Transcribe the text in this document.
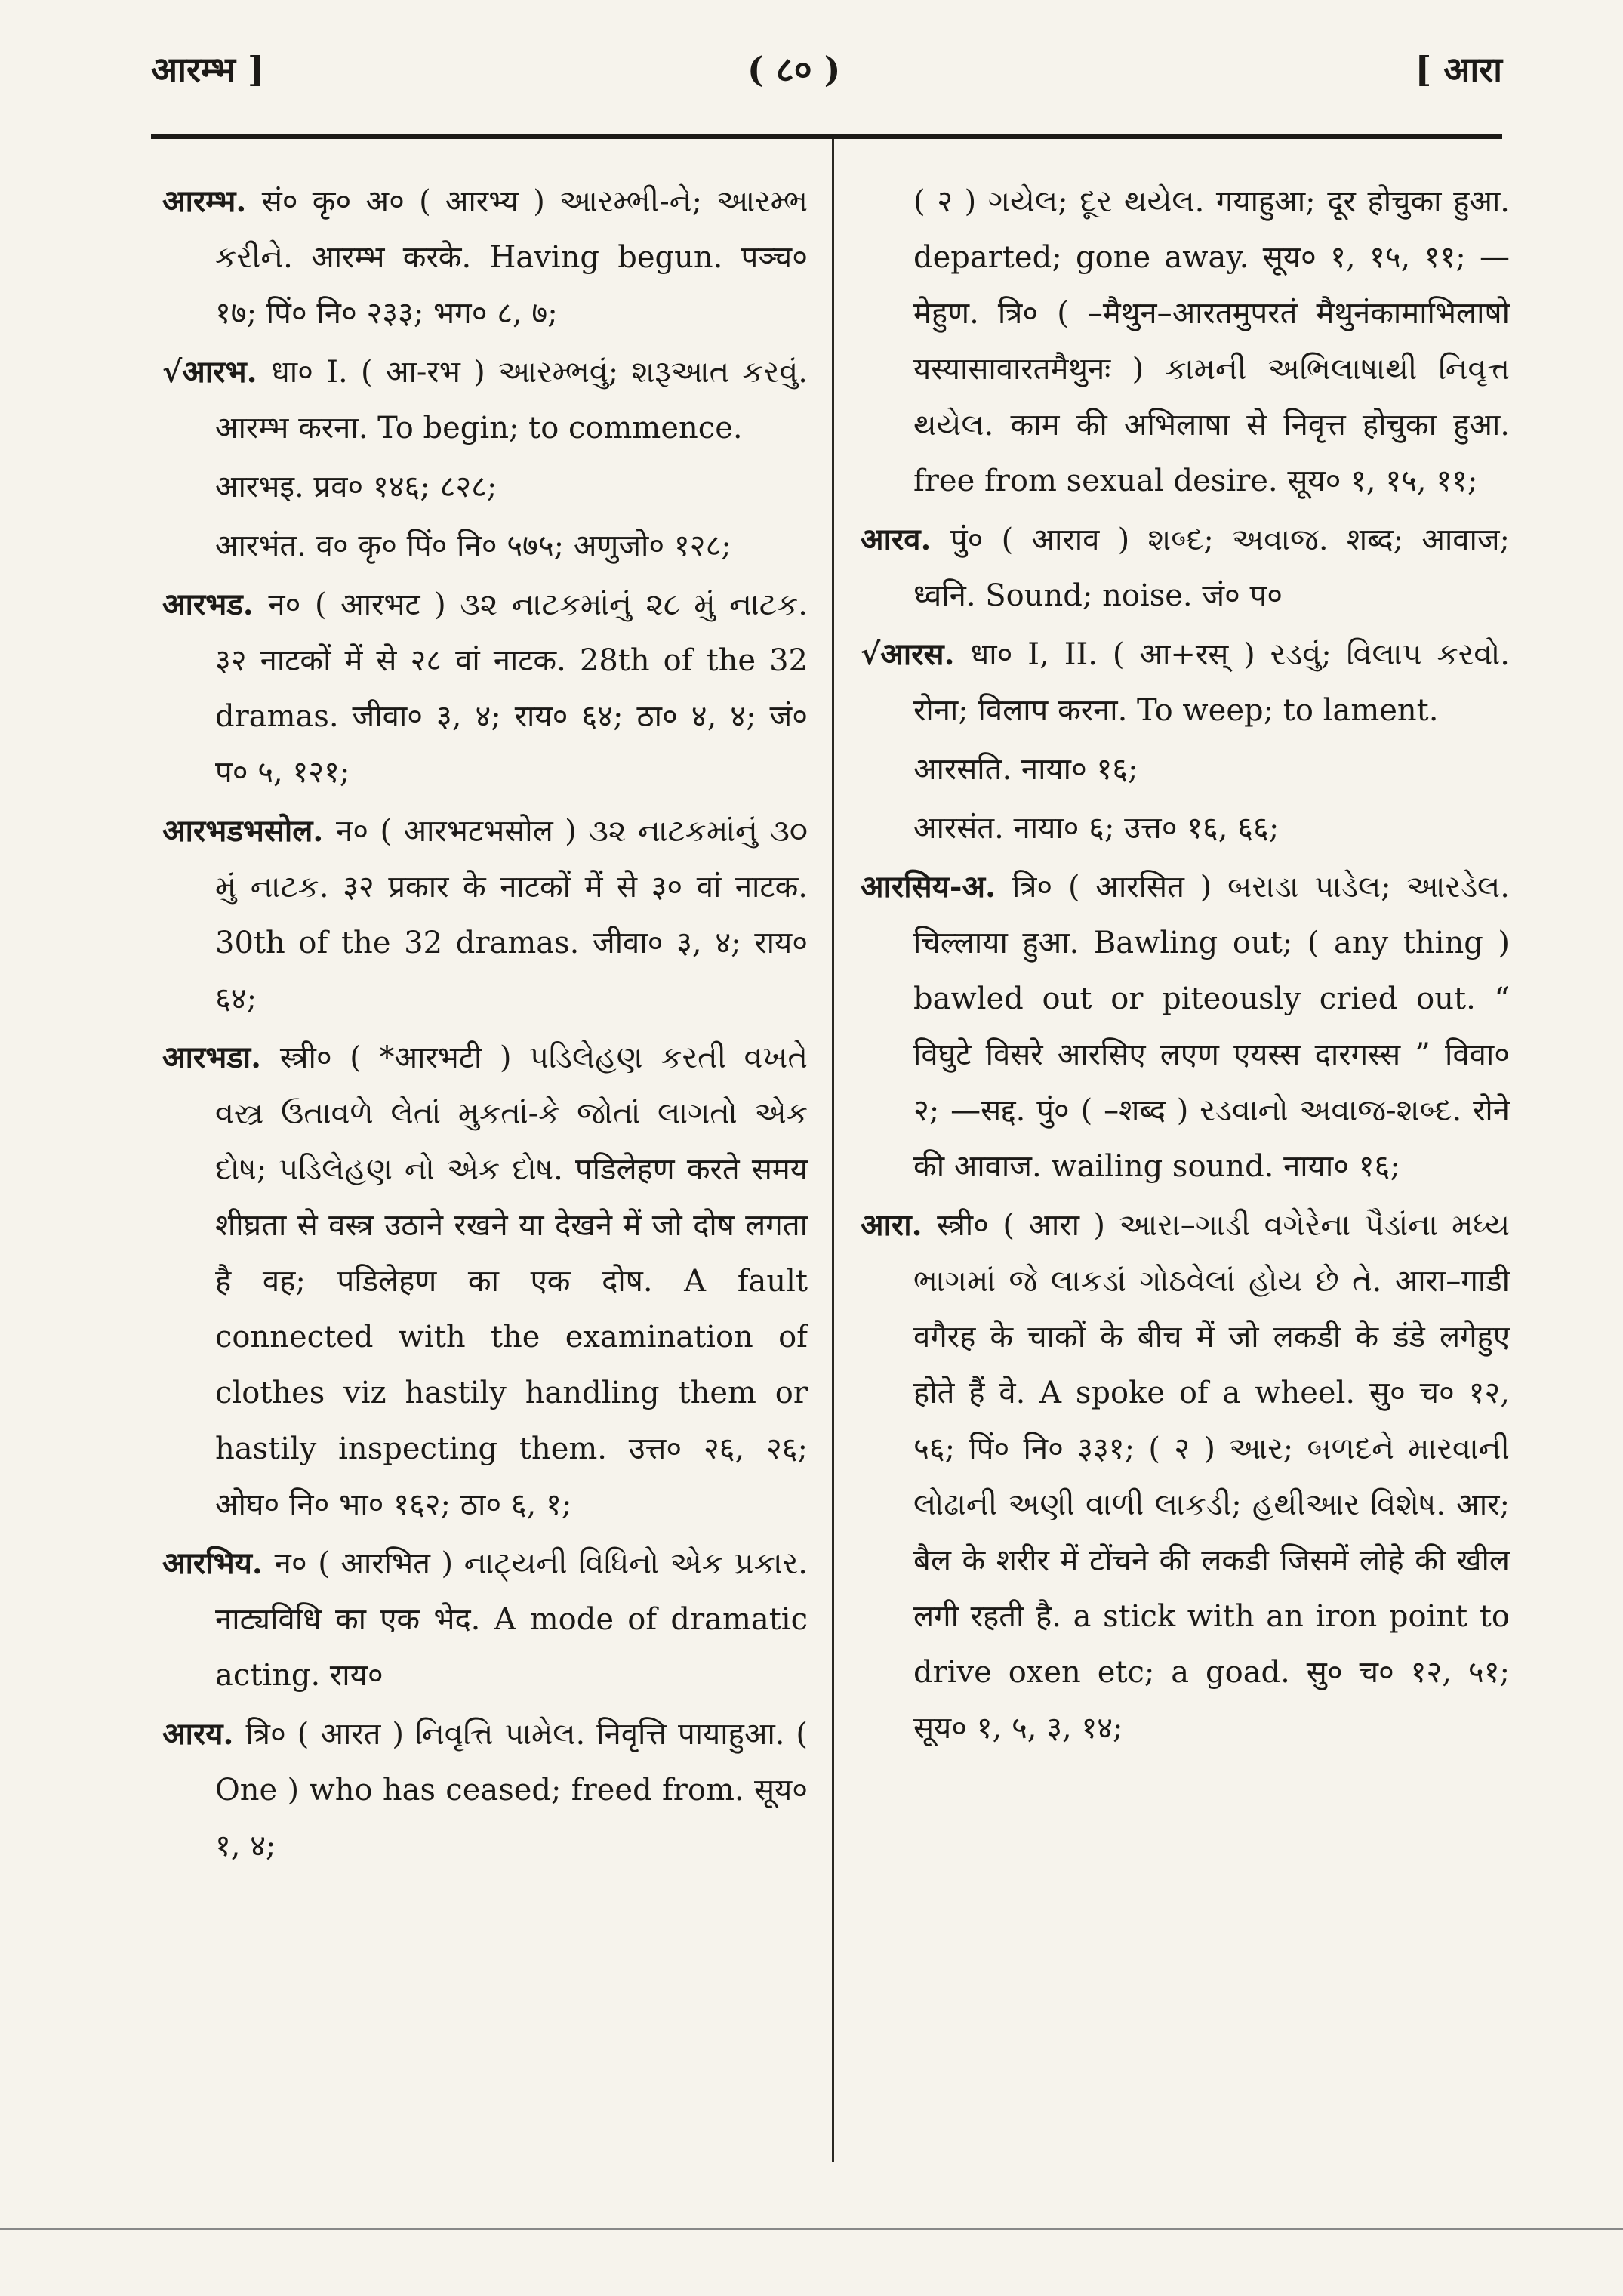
आरम्भ ]	( ८० )	[ आरा

आरम्भ. सं० कृ० अ० ( आरभ्य ) આરમ્ભી-ને; આરમ્ભ કરીને. आरम्भ करके. Having begun. पञ्च० १७; पिं० नि० २३३; भग० ८, ७;

√आरभ. धा० I. ( आ-रभ ) આરમ્ભવું; શરૂઆત કરવું. आरम्भ करना. To begin; to commence.

आरभइ. प्रव० १४६; ८२८;

आरभंत. व० कृ० पिं० नि० ५७५; अणुजो० १२८;

आरभड. न० ( आरभट ) ૩૨ નાટકમાંનું ૨૮ મું નાટક. ३२ नाटकों में से २८ वां नाटक. 28th of the 32 dramas. जीवा० ३, ४; राय० ६४; ठा० ४, ४; जं० प० ५, १२१;

आरभडभसोल. न० ( आरभटभसोल ) ૩૨ નાટકમાંનું ૩૦ મું નાટક. ३२ प्रकार के नाटकों में से ३० वां नाटक. 30th of the 32 dramas. जीवा० ३, ४; राय० ६४;

आरभडा. स्त्री० ( *आरभटी ) પડિલેહણ કરતી વખતે વસ્ત્ર ઉતાવળે લેતાં મુકતાં-કે જોતાં લાગતો એક દોષ; પડિલેહણ નો એક દોષ. पडिलेहण करते समय शीघ्रता से वस्त्र उठाने रखने या देखने में जो दोष लगता है वह; पडिलेहण का एक दोष. A fault connected with the examination of clothes viz hastily handling them or hastily inspecting them. उत्त० २६, २६; ओघ० नि० भा० १६२; ठा० ६, १;

आरभिय. न० ( आरभित ) નાટ્યની વિધિનો એક પ્રકાર. नाट्यविधि का एक भेद. A mode of dramatic acting. राय०

आरय. त्रि० ( आरत ) નિવૃત્તિ પામેલ. निवृत्ति पायाहुआ. ( One ) who has ceased; freed from. सूय० १, ४;

( २ ) ગયેલ; દૂર થયેલ. गयाहुआ; दूर होचुका हुआ. departed; gone away. सूय० १, १५, ११; —मेहुण. त्रि० ( –मैथुन–आरतमुपरतं मैथुनंकामाभिलाषो यस्यासावारतमैथुनः ) કામની અભિલાષાથી નિવૃત્ત થયેલ. काम की अभिलाषा से निवृत्त होचुका हुआ. free from sexual desire. सूय० १, १५, ११;

आरव. पुं० ( आराव ) શબ્દ; અવાજ. शब्द; आवाज; ध्वनि. Sound; noise. जं० प०

√आरस. धा० I, II. ( आ+रस् ) રડવું; વિલાપ કરવો. रोना; विलाप करना. To weep; to lament.

आरसति. नाया० १६;

आरसंत. नाया० ६; उत्त० १६, ६६;

आरसिय-अ. त्रि० ( आरसित ) બરાડા પાડેલ; આરડેલ. चिल्लाया हुआ. Bawling out; ( any thing ) bawled out or piteously cried out. “ विघुटे विसरे आरसिए लएण एयस्स दारगस्स ” विवा० २; —सद्द. पुं० ( –शब्द ) રડવાનો અવાજ-શબ્દ. रोने की आवाज. wailing sound. नाया० १६;

आरा. स्त्री० ( आरा ) આરા–ગાડી વગેરેના પૈડાંના મધ્ય ભાગમાં જે લાકડાં ગોઠવેલાં હોય છે તે. आरा–गाडी वगैरह के चाकों के बीच में जो लकडी के डंडे लगेहुए होते हैं वे. A spoke of a wheel. सु० च० १२, ५६; पिं० नि० ३३१; ( २ ) આર; બળદને મારવાની લોઢાની અણી વાળી લાકડી; હથીઆર વિશેષ. आर; बैल के शरीर में टोंचने की लकडी जिसमें लोहे की खील लगी रहती है. a stick with an iron point to drive oxen etc; a goad. सु० च० १२, ५१; सूय० १, ५, ३, १४;
